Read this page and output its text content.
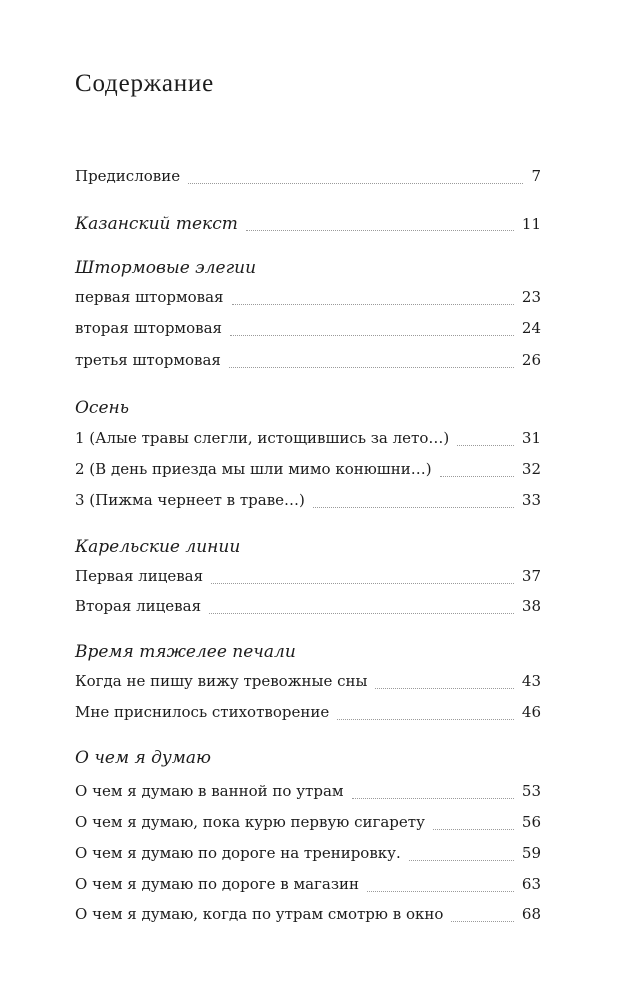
Содержание
Предисловие	7
Казанский текст	11
Штормовые элегии
первая штормовая	23
вторая штормовая	24
третья штормовая	26
Осень
1 (Алые травы слегли, истощившись за лето…)	31
2 (В день приезда мы шли мимо конюшни…)	32
3 (Пижма чернеет в траве…)	33
Карельские линии
Первая лицевая	37
Вторая лицевая	38
Время тяжелее печали
Когда не пишу вижу тревожные сны	43
Мне приснилось стихотворение	46
О чем я думаю
О чем я думаю в ванной по утрам	53
О чем я думаю, пока курю первую сигарету	56
О чем я думаю по дороге на тренировку.	59
О чем я думаю по дороге в магазин	63
О чем я думаю, когда по утрам смотрю в окно	68
